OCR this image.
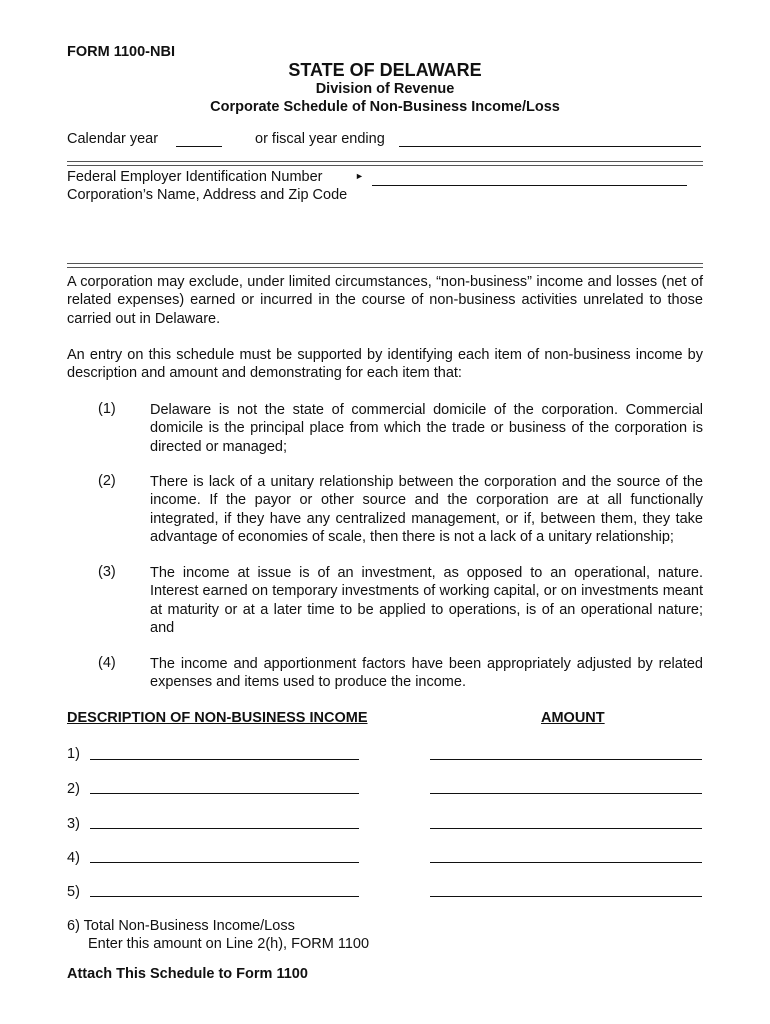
FORM 1100-NBI
STATE OF DELAWARE
Division of Revenue
Corporate Schedule of Non-Business Income/Loss
Calendar year	or fiscal year ending
Federal Employer Identification Number	►
Corporation’s Name, Address and Zip Code
A corporation may exclude, under limited circumstances, “non-business” income and losses (net of related expenses) earned or incurred in the course of non-business activities unrelated to those carried out in Delaware.
An entry on this schedule must be supported by identifying each item of non-business income by description and amount and demonstrating for each item that:
(1)	Delaware is not the state of commercial domicile of the corporation. Commercial domicile is the principal place from which the trade or business of the corporation is directed or managed;
(2)	There is lack of a unitary relationship between the corporation and the source of the income. If the payor or other source and the corporation are at all functionally integrated, if they have any centralized management, or if, between them, they take advantage of economies of scale, then there is not a lack of a unitary relationship;
(3)	The income at issue is of an investment, as opposed to an operational, nature. Interest earned on temporary investments of working capital, or on investments meant at maturity or at a later time to be applied to operations, is of an operational nature; and
(4)	The income and apportionment factors have been appropriately adjusted by related expenses and items used to produce the income.
DESCRIPTION OF NON-BUSINESS INCOME	AMOUNT
1)
2)
3)
4)
5)
6) Total Non-Business Income/Loss
Enter this amount on Line 2(h), FORM 1100
Attach This Schedule to Form 1100
